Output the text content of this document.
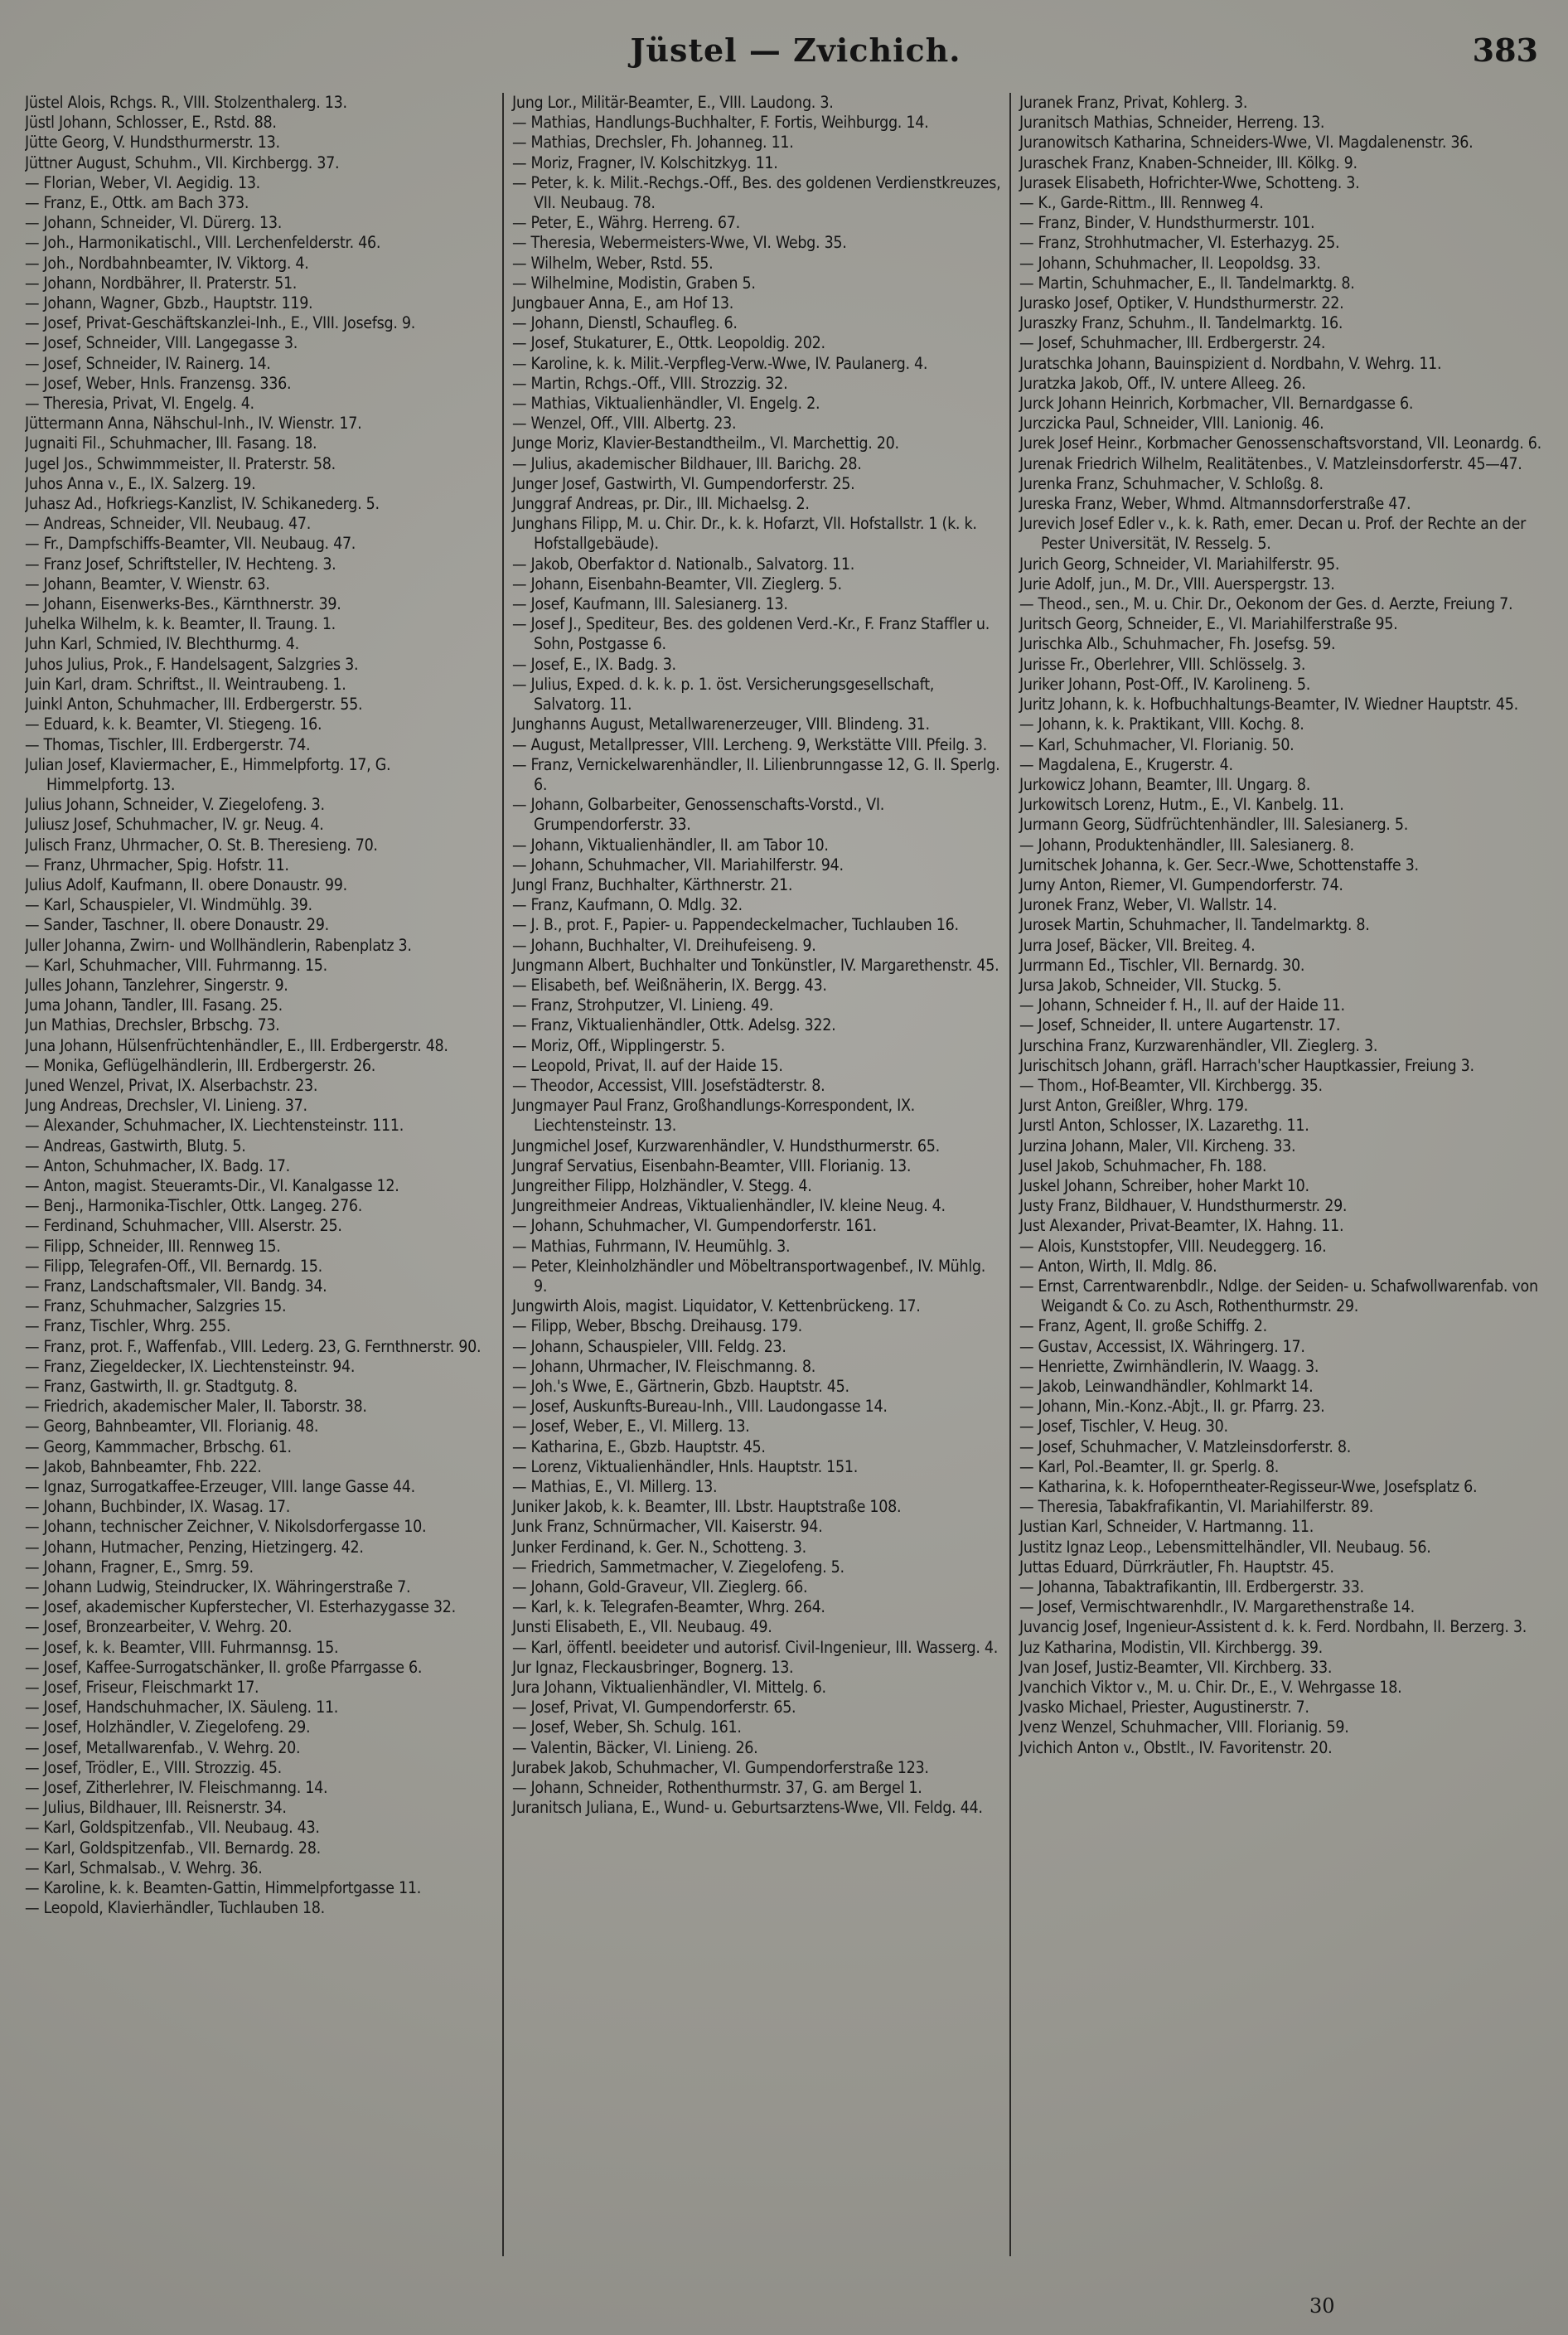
Jüstel — Zvichich.	383

Jüstel Alois, Rchgs. R., VIII. Stolzenthalerg. 13.

Jüstl Johann, Schlosser, E., Rstd. 88.

Jütte Georg, V. Hundsthurmerstr. 13.

Jüttner August, Schuhm., VII. Kirchbergg. 37.

— Florian, Weber, VI. Aegidig. 13.

— Franz, E., Ottk. am Bach 373.

— Johann, Schneider, VI. Dürerg. 13.

— Joh., Harmonikatischl., VIII. Lerchenfelderstr. 46.

— Joh., Nordbahnbeamter, IV. Viktorg. 4.

— Johann, Nordbährer, II. Praterstr. 51.

— Johann, Wagner, Gbzb., Hauptstr. 119.

— Josef, Privat-Geschäftskanzlei-Inh., E., VIII. Josefsg. 9.

— Josef, Schneider, VIII. Langegasse 3.

— Josef, Schneider, IV. Rainerg. 14.

— Josef, Weber, Hnls. Franzensg. 336.

— Theresia, Privat, VI. Engelg. 4.

Jüttermann Anna, Nähschul-Inh., IV. Wienstr. 17.

Jugnaiti Fil., Schuhmacher, III. Fasang. 18.

Jugel Jos., Schwimmmeister, II. Praterstr. 58.

Juhos Anna v., E., IX. Salzerg. 19.

Juhasz Ad., Hofkriegs-Kanzlist, IV. Schikanederg. 5.

— Andreas, Schneider, VII. Neubaug. 47.

— Fr., Dampfschiffs-Beamter, VII. Neubaug. 47.

— Franz Josef, Schriftsteller, IV. Hechteng. 3.

— Johann, Beamter, V. Wienstr. 63.

— Johann, Eisenwerks-Bes., Kärnthnerstr. 39.

Juhelka Wilhelm, k. k. Beamter, II. Traung. 1.

Juhn Karl, Schmied, IV. Blechthurmg. 4.

Juhos Julius, Prok., F. Handelsagent, Salzgries 3.

Juin Karl, dram. Schriftst., II. Weintraubeng. 1.

Juinkl Anton, Schuhmacher, III. Erdbergerstr. 55.

— Eduard, k. k. Beamter, VI. Stiegeng. 16.

— Thomas, Tischler, III. Erdbergerstr. 74.

Julian Josef, Klaviermacher, E., Himmelpfortg. 17, G. Himmelpfortg. 13.

Julius Johann, Schneider, V. Ziegelofeng. 3.

Juliusz Josef, Schuhmacher, IV. gr. Neug. 4.

Julisch Franz, Uhrmacher, O. St. B. Theresieng. 70.

— Franz, Uhrmacher, Spig. Hofstr. 11.

Julius Adolf, Kaufmann, II. obere Donaustr. 99.

— Karl, Schauspieler, VI. Windmühlg. 39.

— Sander, Taschner, II. obere Donaustr. 29.

Juller Johanna, Zwirn- und Wollhändlerin, Rabenplatz 3.

— Karl, Schuhmacher, VIII. Fuhrmanng. 15.

Julles Johann, Tanzlehrer, Singerstr. 9.

Juma Johann, Tandler, III. Fasang. 25.

Jun Mathias, Drechsler, Brbschg. 73.

Juna Johann, Hülsenfrüchtenhändler, E., III. Erdbergerstr. 48.

— Monika, Geflügelhändlerin, III. Erdbergerstr. 26.

Juned Wenzel, Privat, IX. Alserbachstr. 23.

Jung Andreas, Drechsler, VI. Linieng. 37.

— Alexander, Schuhmacher, IX. Liechtensteinstr. 111.

— Andreas, Gastwirth, Blutg. 5.

— Anton, Schuhmacher, IX. Badg. 17.

— Anton, magist. Steueramts-Dir., VI. Kanalgasse 12.

— Benj., Harmonika-Tischler, Ottk. Langeg. 276.

— Ferdinand, Schuhmacher, VIII. Alserstr. 25.

— Filipp, Schneider, III. Rennweg 15.

— Filipp, Telegrafen-Off., VII. Bernardg. 15.

— Franz, Landschaftsmaler, VII. Bandg. 34.

— Franz, Schuhmacher, Salzgries 15.

— Franz, Tischler, Whrg. 255.

— Franz, prot. F., Waffenfab., VIII. Lederg. 23, G. Fernthnerstr. 90.

— Franz, Ziegeldecker, IX. Liechtensteinstr. 94.

— Franz, Gastwirth, II. gr. Stadtgutg. 8.

— Friedrich, akademischer Maler, II. Taborstr. 38.

— Georg, Bahnbeamter, VII. Florianig. 48.

— Georg, Kammmacher, Brbschg. 61.

— Jakob, Bahnbeamter, Fhb. 222.

— Ignaz, Surrogatkaffee-Erzeuger, VIII. lange Gasse 44.

— Johann, Buchbinder, IX. Wasag. 17.

— Johann, technischer Zeichner, V. Nikolsdorfergasse 10.

— Johann, Hutmacher, Penzing, Hietzingerg. 42.

— Johann, Fragner, E., Smrg. 59.

— Johann Ludwig, Steindrucker, IX. Währingerstraße 7.

— Josef, akademischer Kupferstecher, VI. Esterhazygasse 32.

— Josef, Bronzearbeiter, V. Wehrg. 20.

— Josef, k. k. Beamter, VIII. Fuhrmannsg. 15.

— Josef, Kaffee-Surrogatschänker, II. große Pfarrgasse 6.

— Josef, Friseur, Fleischmarkt 17.

— Josef, Handschuhmacher, IX. Säuleng. 11.

— Josef, Holzhändler, V. Ziegelofeng. 29.

— Josef, Metallwarenfab., V. Wehrg. 20.

— Josef, Trödler, E., VIII. Strozzig. 45.

— Josef, Zitherlehrer, IV. Fleischmanng. 14.

— Julius, Bildhauer, III. Reisnerstr. 34.

— Karl, Goldspitzenfab., VII. Neubaug. 43.

— Karl, Goldspitzenfab., VII. Bernardg. 28.

— Karl, Schmalsab., V. Wehrg. 36.

— Karoline, k. k. Beamten-Gattin, Himmelpfortgasse 11.

— Leopold, Klavierhändler, Tuchlauben 18.

Jung Lor., Militär-Beamter, E., VIII. Laudong. 3.

— Mathias, Handlungs-Buchhalter, F. Fortis, Weihburgg. 14.

— Mathias, Drechsler, Fh. Johanneg. 11.

— Moriz, Fragner, IV. Kolschitzkyg. 11.

— Peter, k. k. Milit.-Rechgs.-Off., Bes. des goldenen Verdienstkreuzes, VII. Neubaug. 78.

— Peter, E., Währg. Herreng. 67.

— Theresia, Webermeisters-Wwe, VI. Webg. 35.

— Wilhelm, Weber, Rstd. 55.

— Wilhelmine, Modistin, Graben 5.

Jungbauer Anna, E., am Hof 13.

— Johann, Dienstl, Schaufleg. 6.

— Josef, Stukaturer, E., Ottk. Leopoldig. 202.

— Karoline, k. k. Milit.-Verpfleg-Verw.-Wwe, IV. Paulanerg. 4.

— Martin, Rchgs.-Off., VIII. Strozzig. 32.

— Mathias, Viktualienhändler, VI. Engelg. 2.

— Wenzel, Off., VIII. Albertg. 23.

Junge Moriz, Klavier-Bestandtheilm., VI. Marchettig. 20.

— Julius, akademischer Bildhauer, III. Barichg. 28.

Junger Josef, Gastwirth, VI. Gumpendorferstr. 25.

Junggraf Andreas, pr. Dir., III. Michaelsg. 2.

Junghans Filipp, M. u. Chir. Dr., k. k. Hofarzt, VII. Hofstallstr. 1 (k. k. Hofstallgebäude).

— Jakob, Oberfaktor d. Nationalb., Salvatorg. 11.

— Johann, Eisenbahn-Beamter, VII. Zieglerg. 5.

— Josef, Kaufmann, III. Salesianerg. 13.

— Josef J., Spediteur, Bes. des goldenen Verd.-Kr., F. Franz Staffler u. Sohn, Postgasse 6.

— Josef, E., IX. Badg. 3.

— Julius, Exped. d. k. k. p. 1. öst. Versicherungsgesellschaft, Salvatorg. 11.

Junghanns August, Metallwarenerzeuger, VIII. Blindeng. 31.

— August, Metallpresser, VIII. Lercheng. 9, Werkstätte VIII. Pfeilg. 3.

— Franz, Vernickelwarenhändler, II. Lilienbrunngasse 12, G. II. Sperlg. 6.

— Johann, Golbarbeiter, Genossenschafts-Vorstd., VI. Grumpendorferstr. 33.

— Johann, Viktualienhändler, II. am Tabor 10.

— Johann, Schuhmacher, VII. Mariahilferstr. 94.

Jungl Franz, Buchhalter, Kärthnerstr. 21.

— Franz, Kaufmann, O. Mdlg. 32.

— J. B., prot. F., Papier- u. Pappendeckelmacher, Tuchlauben 16.

— Johann, Buchhalter, VI. Dreihufeiseng. 9.

Jungmann Albert, Buchhalter und Tonkünstler, IV. Margarethenstr. 45.

— Elisabeth, bef. Weißnäherin, IX. Bergg. 43.

— Franz, Strohputzer, VI. Linieng. 49.

— Franz, Viktualienhändler, Ottk. Adelsg. 322.

— Moriz, Off., Wipplingerstr. 5.

— Leopold, Privat, II. auf der Haide 15.

— Theodor, Accessist, VIII. Josefstädterstr. 8.

Jungmayer Paul Franz, Großhandlungs-Korrespondent, IX. Liechtensteinstr. 13.

Jungmichel Josef, Kurzwarenhändler, V. Hundsthurmerstr. 65.

Jungraf Servatius, Eisenbahn-Beamter, VIII. Florianig. 13.

Jungreither Filipp, Holzhändler, V. Stegg. 4.

Jungreithmeier Andreas, Viktualienhändler, IV. kleine Neug. 4.

— Johann, Schuhmacher, VI. Gumpendorferstr. 161.

— Mathias, Fuhrmann, IV. Heumühlg. 3.

— Peter, Kleinholzhändler und Möbeltransportwagenbef., IV. Mühlg. 9.

Jungwirth Alois, magist. Liquidator, V. Kettenbrückeng. 17.

— Filipp, Weber, Bbschg. Dreihausg. 179.

— Johann, Schauspieler, VIII. Feldg. 23.

— Johann, Uhrmacher, IV. Fleischmanng. 8.

— Joh.'s Wwe, E., Gärtnerin, Gbzb. Hauptstr. 45.

— Josef, Auskunfts-Bureau-Inh., VIII. Laudongasse 14.

— Josef, Weber, E., VI. Millerg. 13.

— Katharina, E., Gbzb. Hauptstr. 45.

— Lorenz, Viktualienhändler, Hnls. Hauptstr. 151.

— Mathias, E., VI. Millerg. 13.

Juniker Jakob, k. k. Beamter, III. Lbstr. Hauptstraße 108.

Junk Franz, Schnürmacher, VII. Kaiserstr. 94.

Junker Ferdinand, k. Ger. N., Schotteng. 3.

— Friedrich, Sammetmacher, V. Ziegelofeng. 5.

— Johann, Gold-Graveur, VII. Zieglerg. 66.

— Karl, k. k. Telegrafen-Beamter, Whrg. 264.

Junsti Elisabeth, E., VII. Neubaug. 49.

— Karl, öffentl. beeideter und autorisf. Civil-Ingenieur, III. Wasserg. 4.

Jur Ignaz, Fleckausbringer, Bognerg. 13.

Jura Johann, Viktualienhändler, VI. Mittelg. 6.

— Josef, Privat, VI. Gumpendorferstr. 65.

— Josef, Weber, Sh. Schulg. 161.

— Valentin, Bäcker, VI. Linieng. 26.

Jurabek Jakob, Schuhmacher, VI. Gumpendorferstraße 123.

— Johann, Schneider, Rothenthurmstr. 37, G. am Bergel 1.

Juranitsch Juliana, E., Wund- u. Geburtsarztens-Wwe, VII. Feldg. 44.

Juranek Franz, Privat, Kohlerg. 3.

Juranitsch Mathias, Schneider, Herreng. 13.

Juranowitsch Katharina, Schneiders-Wwe, VI. Magdalenenstr. 36.

Juraschek Franz, Knaben-Schneider, III. Kölkg. 9.

Jurasek Elisabeth, Hofrichter-Wwe, Schotteng. 3.

— K., Garde-Rittm., III. Rennweg 4.

— Franz, Binder, V. Hundsthurmerstr. 101.

— Franz, Strohhutmacher, VI. Esterhazyg. 25.

— Johann, Schuhmacher, II. Leopoldsg. 33.

— Martin, Schuhmacher, E., II. Tandelmarktg. 8.

Jurasko Josef, Optiker, V. Hundsthurmerstr. 22.

Juraszky Franz, Schuhm., II. Tandelmarktg. 16.

— Josef, Schuhmacher, III. Erdbergerstr. 24.

Juratschka Johann, Bauinspizient d. Nordbahn, V. Wehrg. 11.

Juratzka Jakob, Off., IV. untere Alleeg. 26.

Jurck Johann Heinrich, Korbmacher, VII. Bernardgasse 6.

Jurczicka Paul, Schneider, VIII. Lanionig. 46.

Jurek Josef Heinr., Korbmacher Genossenschaftsvorstand, VII. Leonardg. 6.

Jurenak Friedrich Wilhelm, Realitätenbes., V. Matzleinsdorferstr. 45—47.

Jurenka Franz, Schuhmacher, V. Schloßg. 8.

Jureska Franz, Weber, Whmd. Altmannsdorferstraße 47.

Jurevich Josef Edler v., k. k. Rath, emer. Decan u. Prof. der Rechte an der Pester Universität, IV. Resselg. 5.

Jurich Georg, Schneider, VI. Mariahilferstr. 95.

Jurie Adolf, jun., M. Dr., VIII. Auerspergstr. 13.

— Theod., sen., M. u. Chir. Dr., Oekonom der Ges. d. Aerzte, Freiung 7.

Juritsch Georg, Schneider, E., VI. Mariahilferstraße 95.

Jurischka Alb., Schuhmacher, Fh. Josefsg. 59.

Jurisse Fr., Oberlehrer, VIII. Schlösselg. 3.

Juriker Johann, Post-Off., IV. Karolineng. 5.

Juritz Johann, k. k. Hofbuchhaltungs-Beamter, IV. Wiedner Hauptstr. 45.

— Johann, k. k. Praktikant, VIII. Kochg. 8.

— Karl, Schuhmacher, VI. Florianig. 50.

— Magdalena, E., Krugerstr. 4.

Jurkowicz Johann, Beamter, III. Ungarg. 8.

Jurkowitsch Lorenz, Hutm., E., VI. Kanbelg. 11.

Jurmann Georg, Südfrüchtenhändler, III. Salesianerg. 5.

— Johann, Produktenhändler, III. Salesianerg. 8.

Jurnitschek Johanna, k. Ger. Secr.-Wwe, Schottenstaffe 3.

Jurny Anton, Riemer, VI. Gumpendorferstr. 74.

Juronek Franz, Weber, VI. Wallstr. 14.

Jurosek Martin, Schuhmacher, II. Tandelmarktg. 8.

Jurra Josef, Bäcker, VII. Breiteg. 4.

Jurrmann Ed., Tischler, VII. Bernardg. 30.

Jursa Jakob, Schneider, VII. Stuckg. 5.

— Johann, Schneider f. H., II. auf der Haide 11.

— Josef, Schneider, II. untere Augartenstr. 17.

Jurschina Franz, Kurzwarenhändler, VII. Zieglerg. 3.

Jurischitsch Johann, gräfl. Harrach'scher Hauptkassier, Freiung 3.

— Thom., Hof-Beamter, VII. Kirchbergg. 35.

Jurst Anton, Greißler, Whrg. 179.

Jurstl Anton, Schlosser, IX. Lazarethg. 11.

Jurzina Johann, Maler, VII. Kircheng. 33.

Jusel Jakob, Schuhmacher, Fh. 188.

Juskel Johann, Schreiber, hoher Markt 10.

Justy Franz, Bildhauer, V. Hundsthurmerstr. 29.

Just Alexander, Privat-Beamter, IX. Hahng. 11.

— Alois, Kunststopfer, VIII. Neudeggerg. 16.

— Anton, Wirth, II. Mdlg. 86.

— Ernst, Carrentwarenbdlr., Ndlge. der Seiden- u. Schafwollwarenfab. von Weigandt & Co. zu Asch, Rothenthurmstr. 29.

— Franz, Agent, II. große Schiffg. 2.

— Gustav, Accessist, IX. Währingerg. 17.

— Henriette, Zwirnhändlerin, IV. Waagg. 3.

— Jakob, Leinwandhändler, Kohlmarkt 14.

— Johann, Min.-Konz.-Abjt., II. gr. Pfarrg. 23.

— Josef, Tischler, V. Heug. 30.

— Josef, Schuhmacher, V. Matzleinsdorferstr. 8.

— Karl, Pol.-Beamter, II. gr. Sperlg. 8.

— Katharina, k. k. Hofoperntheater-Regisseur-Wwe, Josefsplatz 6.

— Theresia, Tabakfrafikantin, VI. Mariahilferstr. 89.

Justian Karl, Schneider, V. Hartmanng. 11.

Justitz Ignaz Leop., Lebensmittelhändler, VII. Neubaug. 56.

Juttas Eduard, Dürrkräutler, Fh. Hauptstr. 45.

— Johanna, Tabaktrafikantin, III. Erdbergerstr. 33.

— Josef, Vermischtwarenhdlr., IV. Margarethenstraße 14.

Juvancig Josef, Ingenieur-Assistent d. k. k. Ferd. Nordbahn, II. Berzerg. 3.

Juz Katharina, Modistin, VII. Kirchbergg. 39.

Jvan Josef, Justiz-Beamter, VII. Kirchberg. 33.

Jvanchich Viktor v., M. u. Chir. Dr., E., V. Wehrgasse 18.

Jvasko Michael, Priester, Augustinerstr. 7.

Jvenz Wenzel, Schuhmacher, VIII. Florianig. 59.

Jvichich Anton v., Obstlt., IV. Favoritenstr. 20.

30
